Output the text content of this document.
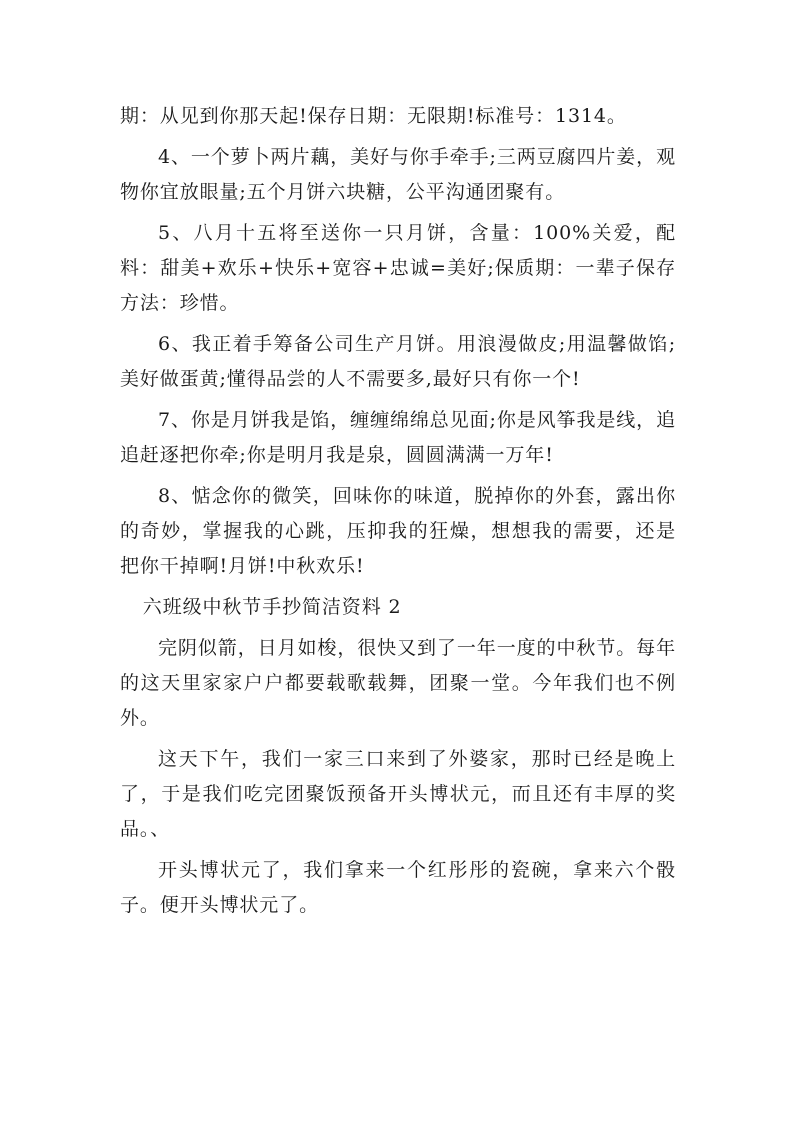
期：从见到你那天起!保存日期：无限期!标准号：1314。

4、一个萝卜两片藕，美好与你手牵手;三两豆腐四片姜，观物你宜放眼量;五个月饼六块糖，公平沟通团聚有。

5、八月十五将至送你一只月饼，含量：100%关爱，配料：甜美+欢乐+快乐+宽容+忠诚=美好;保质期：一辈子保存方法：珍惜。

6、我正着手筹备公司生产月饼。用浪漫做皮;用温馨做馅;美好做蛋黄;懂得品尝的人不需要多,最好只有你一个!

7、你是月饼我是馅，缠缠绵绵总见面;你是风筝我是线，追追赶逐把你牵;你是明月我是泉，圆圆满满一万年!

8、惦念你的微笑，回味你的味道，脱掉你的外套，露出你的奇妙，掌握我的心跳，压抑我的狂燥，想想我的需要，还是把你干掉啊!月饼!中秋欢乐!

六班级中秋节手抄简洁资料 2

完阴似箭，日月如梭，很快又到了一年一度的中秋节。每年的这天里家家户户都要载歌载舞，团聚一堂。今年我们也不例外。

这天下午，我们一家三口来到了外婆家，那时已经是晚上了，于是我们吃完团聚饭预备开头博状元，而且还有丰厚的奖品。、

开头博状元了，我们拿来一个红彤彤的瓷碗，拿来六个骰子。便开头博状元了。
